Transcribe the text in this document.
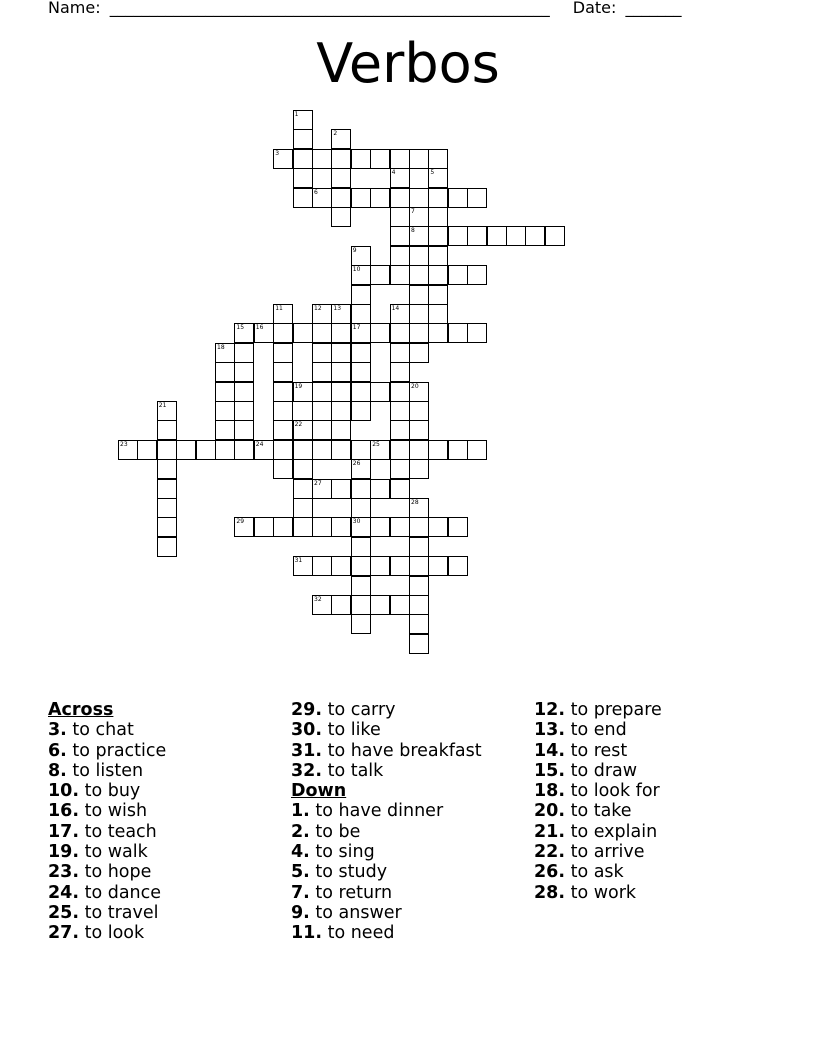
Name: _______________________________________________________ Date: _______
Verbos
3
6
8
10
16	17
19	20
23	24	25
27
29	30
31
32
1
2
4	5
7
9
11	12 13	14
15
18
21
22
26
28
Across
3. to chat
6. to practice
8. to listen
10. to buy
16. to wish
17. to teach
19. to walk
23. to hope
24. to dance
25. to travel
27. to look
29. to carry
30. to like
31. to have breakfast
32. to talk
Down
1. to have dinner
2. to be
4. to sing
5. to study
7. to return
9. to answer
11. to need
12. to prepare
13. to end
14. to rest
15. to draw
18. to look for
20. to take
21. to explain
22. to arrive
26. to ask
28. to work
